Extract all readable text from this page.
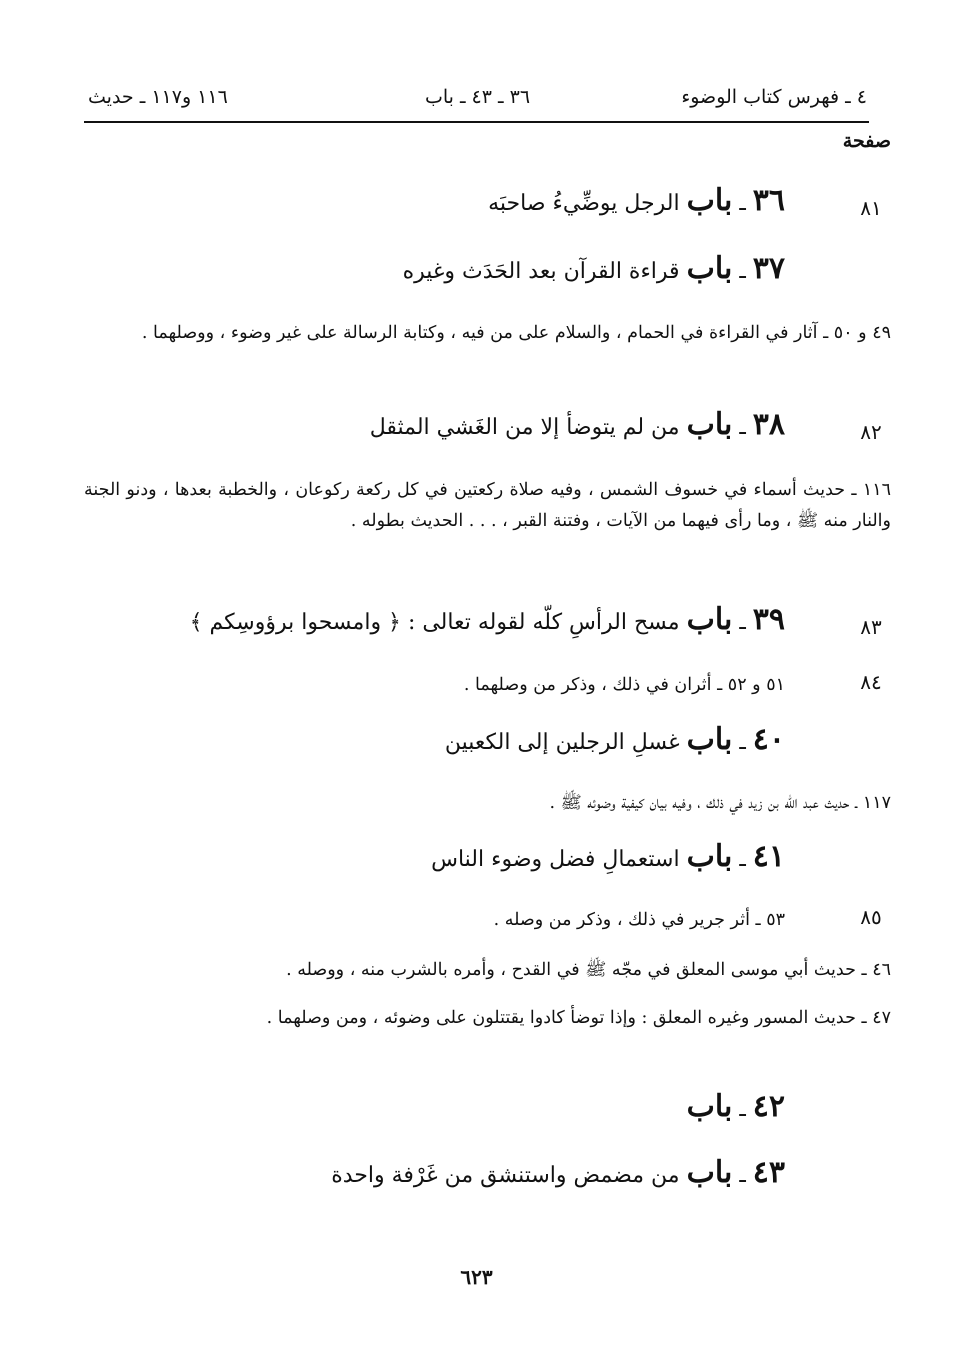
٤ ـ فهرس كتاب الوضوء
٣٦ ـ ٤٣ ـ باب
١١٦ و١١٧ ـ حديث
صفحة
٨١
٣٦ ـ باب الرجل يوضِّيءُ صاحبَه
٣٧ ـ باب قراءة القرآن بعد الحَدَث وغيره
٤٩ و ٥٠ ـ آثار في القراءة في الحمام ، والسلام على من فيه ، وكتابة الرسالة على غير وضوء ، ووصلهما .
٨٢
٣٨ ـ باب من لم يتوضأ إلا من الغَشي المثقل
١١٦ ـ حديث أسماء في خسوف الشمس ، وفيه صلاة ركعتين في كل ركعة ركوعان ، والخطبة بعدها ، ودنو الجنة والنار منه ﷺ ، وما رأى فيهما من الآيات ، وفتنة القبر ، . . . الحديث بطوله .
٨٣
٣٩ ـ باب مسح الرأسِ كلّه لقوله تعالى : ﴿ وامسحوا برؤوسِكم ﴾
٨٤
٥١ و ٥٢ ـ أثران في ذلك ، وذكر من وصلهما .
٤٠ ـ باب غسلِ الرجلين إلى الكعبين
١١٧ ـ حديث عبد الله بن زيد في ذلك ، وفيه بيان كيفية وضوئه ﷺ .
٤١ ـ باب استعمالِ فضل وضوء الناس
٨٥
٥٣ ـ أثر جرير في ذلك ، وذكر من وصله .
٤٦ ـ حديث أبي موسى المعلق في مجّه ﷺ في القدح ، وأمره بالشرب منه ، ووصله .
٤٧ ـ حديث المسور وغيره المعلق : وإذا توضأ كادوا يقتتلون على وضوئه ، ومن وصلهما .
٤٢ ـ باب
٤٣ ـ باب من مضمض واستنشق من غَرْفة واحدة
٦٢٣
